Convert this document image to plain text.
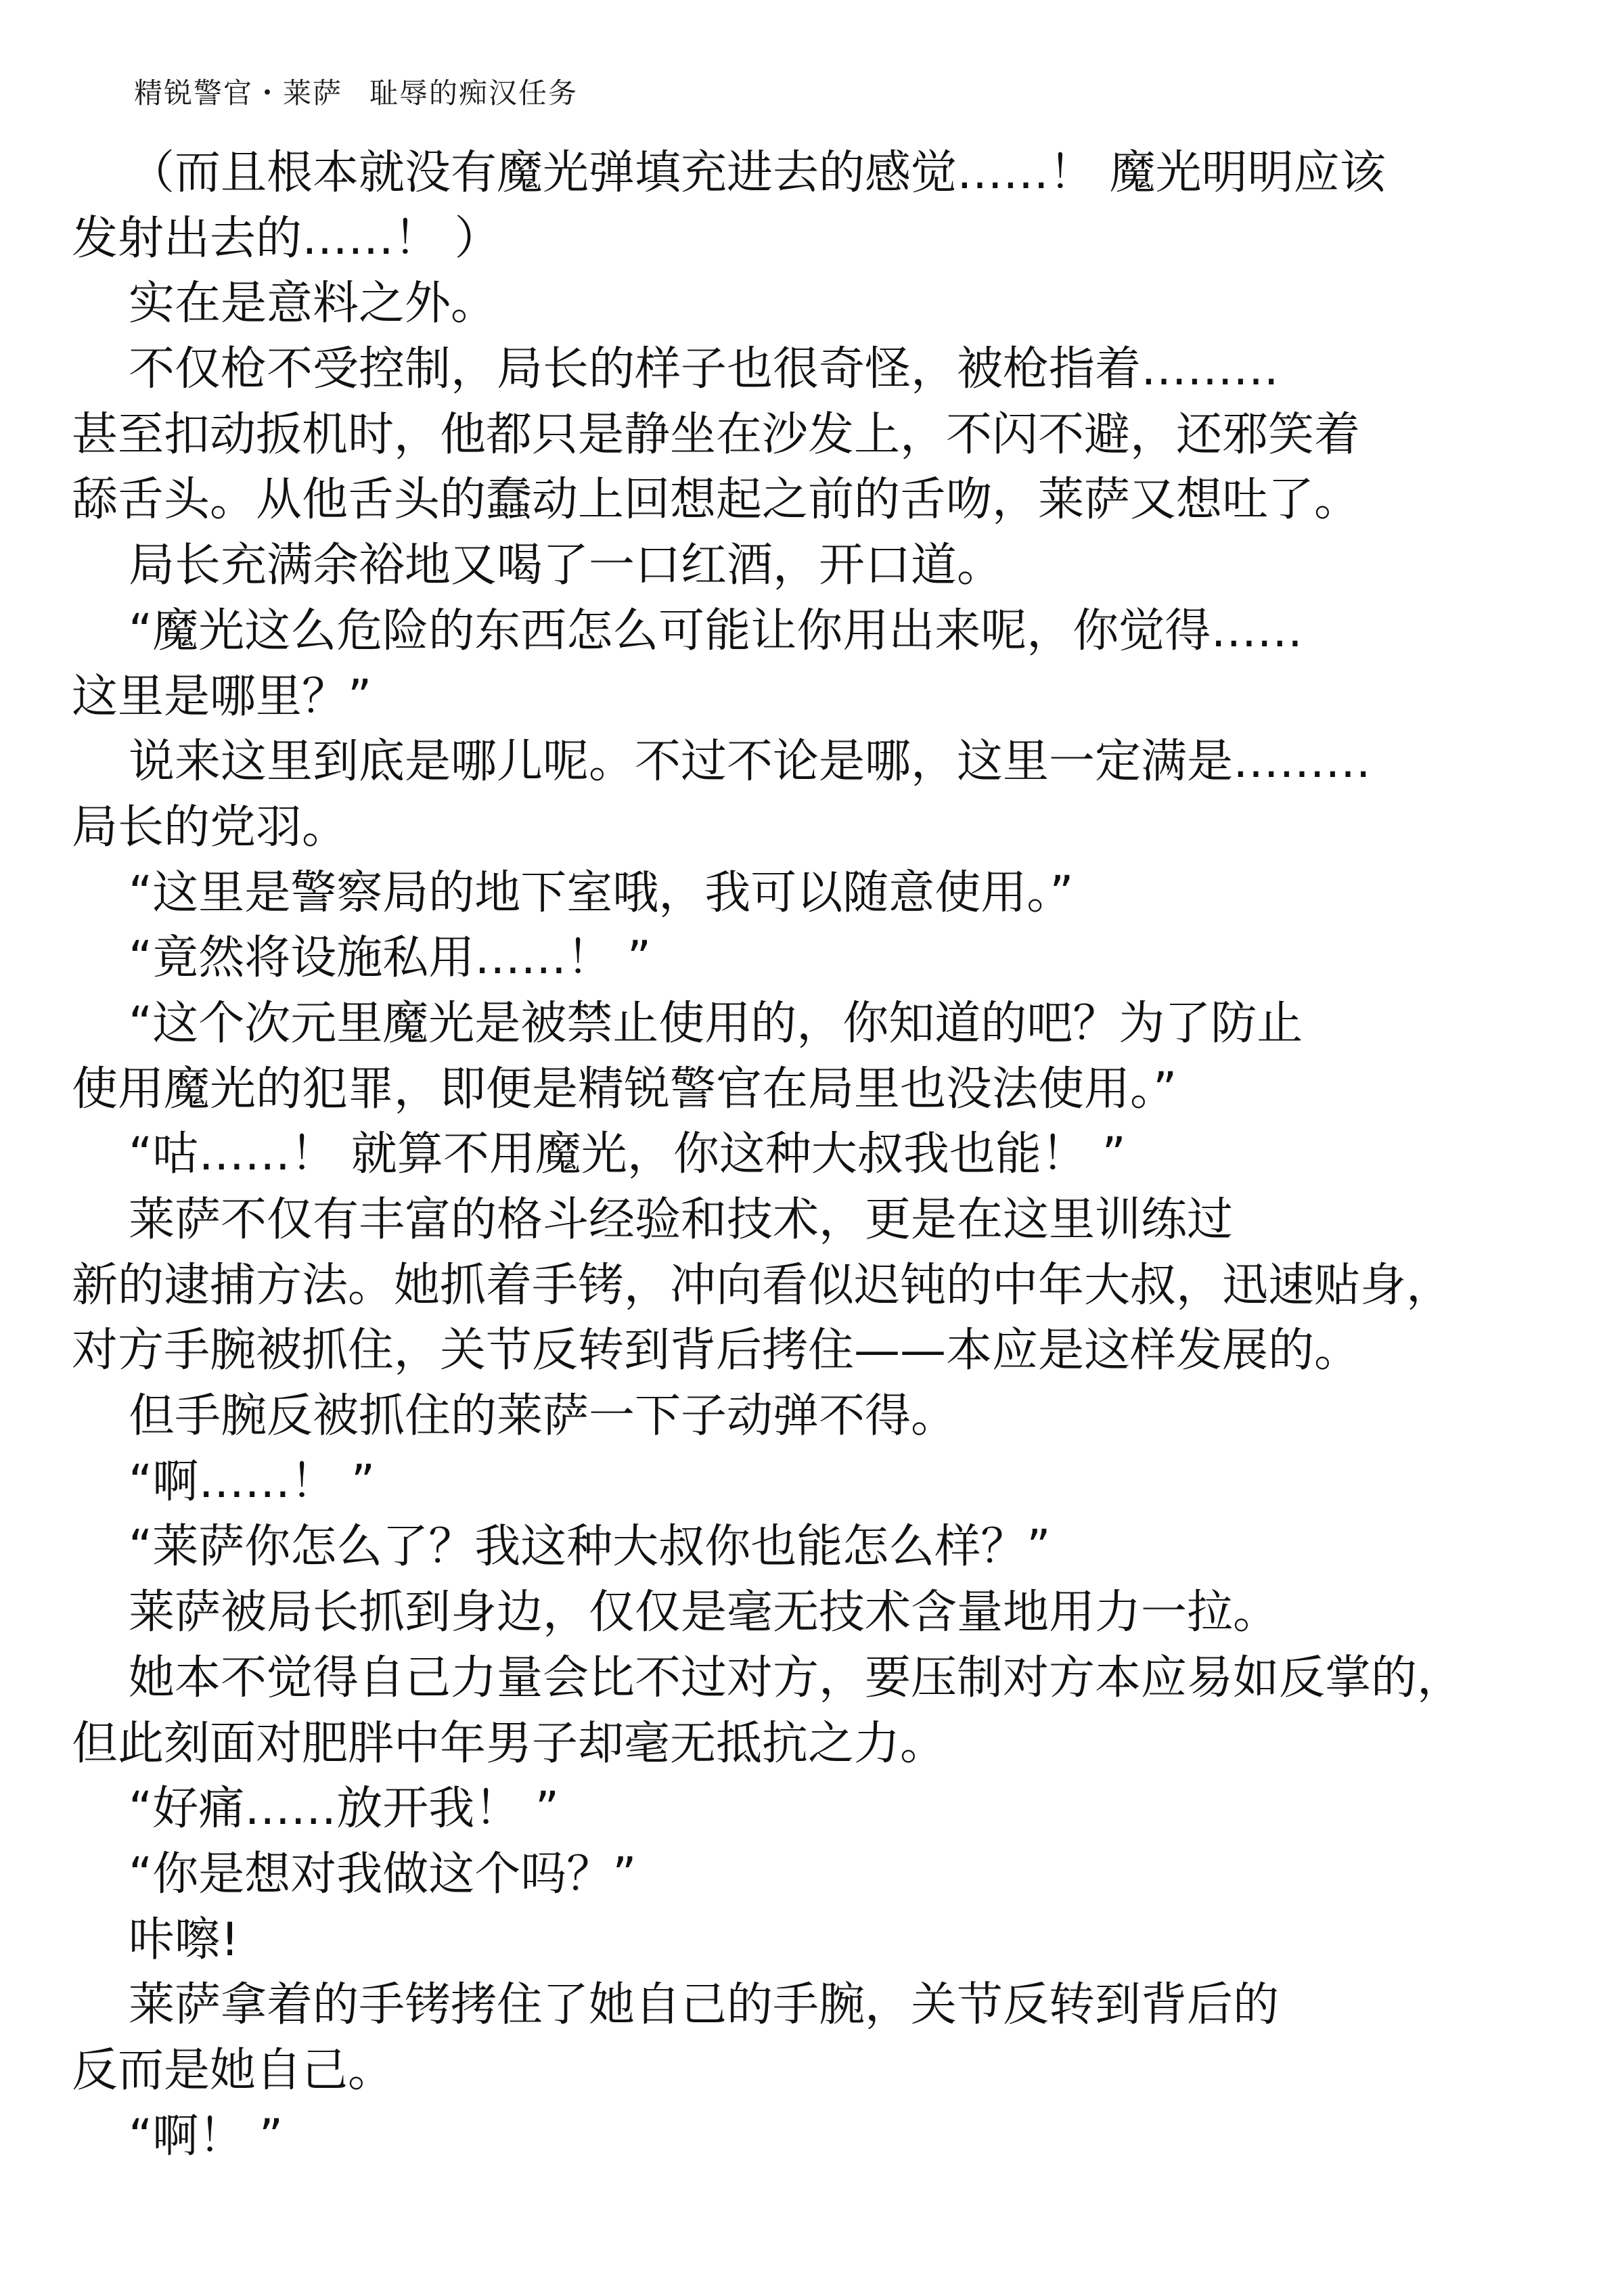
精锐警官・莱萨 耻辱的痴汉任务
（而且根本就没有魔光弹填充进去的感觉……！ 魔光明明应该
发射出去的……！ ）
实在是意料之外。
不仅枪不受控制，局长的样子也很奇怪，被枪指着………
甚至扣动扳机时，他都只是静坐在沙发上，不闪不避，还邪笑着
舔舌头。从他舌头的蠢动上回想起之前的舌吻，莱萨又想吐了。
局长充满余裕地又喝了一口红酒，开口道。
“魔光这么危险的东西怎么可能让你用出来呢，你觉得……
这里是哪里？”
说来这里到底是哪儿呢。不过不论是哪，这里一定满是………
局长的党羽。
“这里是警察局的地下室哦，我可以随意使用。”
“竟然将设施私用……！ ”
“这个次元里魔光是被禁止使用的，你知道的吧？为了防止
使用魔光的犯罪，即便是精锐警官在局里也没法使用。”
“咕……！ 就算不用魔光，你这种大叔我也能！ ”
莱萨不仅有丰富的格斗经验和技术，更是在这里训练过
新的逮捕方法。她抓着手铐，冲向看似迟钝的中年大叔，迅速贴身，
对方手腕被抓住，关节反转到背后拷住——本应是这样发展的。
但手腕反被抓住的莱萨一下子动弹不得。
“啊……！ ”
“莱萨你怎么了？我这种大叔你也能怎么样？”
莱萨被局长抓到身边，仅仅是毫无技术含量地用力一拉。
她本不觉得自己力量会比不过对方，要压制对方本应易如反掌的，
但此刻面对肥胖中年男子却毫无抵抗之力。
“好痛……放开我！ ”
“你是想对我做这个吗？”
咔嚓!
莱萨拿着的手铐拷住了她自己的手腕，关节反转到背后的
反而是她自己。
“啊！ ”
